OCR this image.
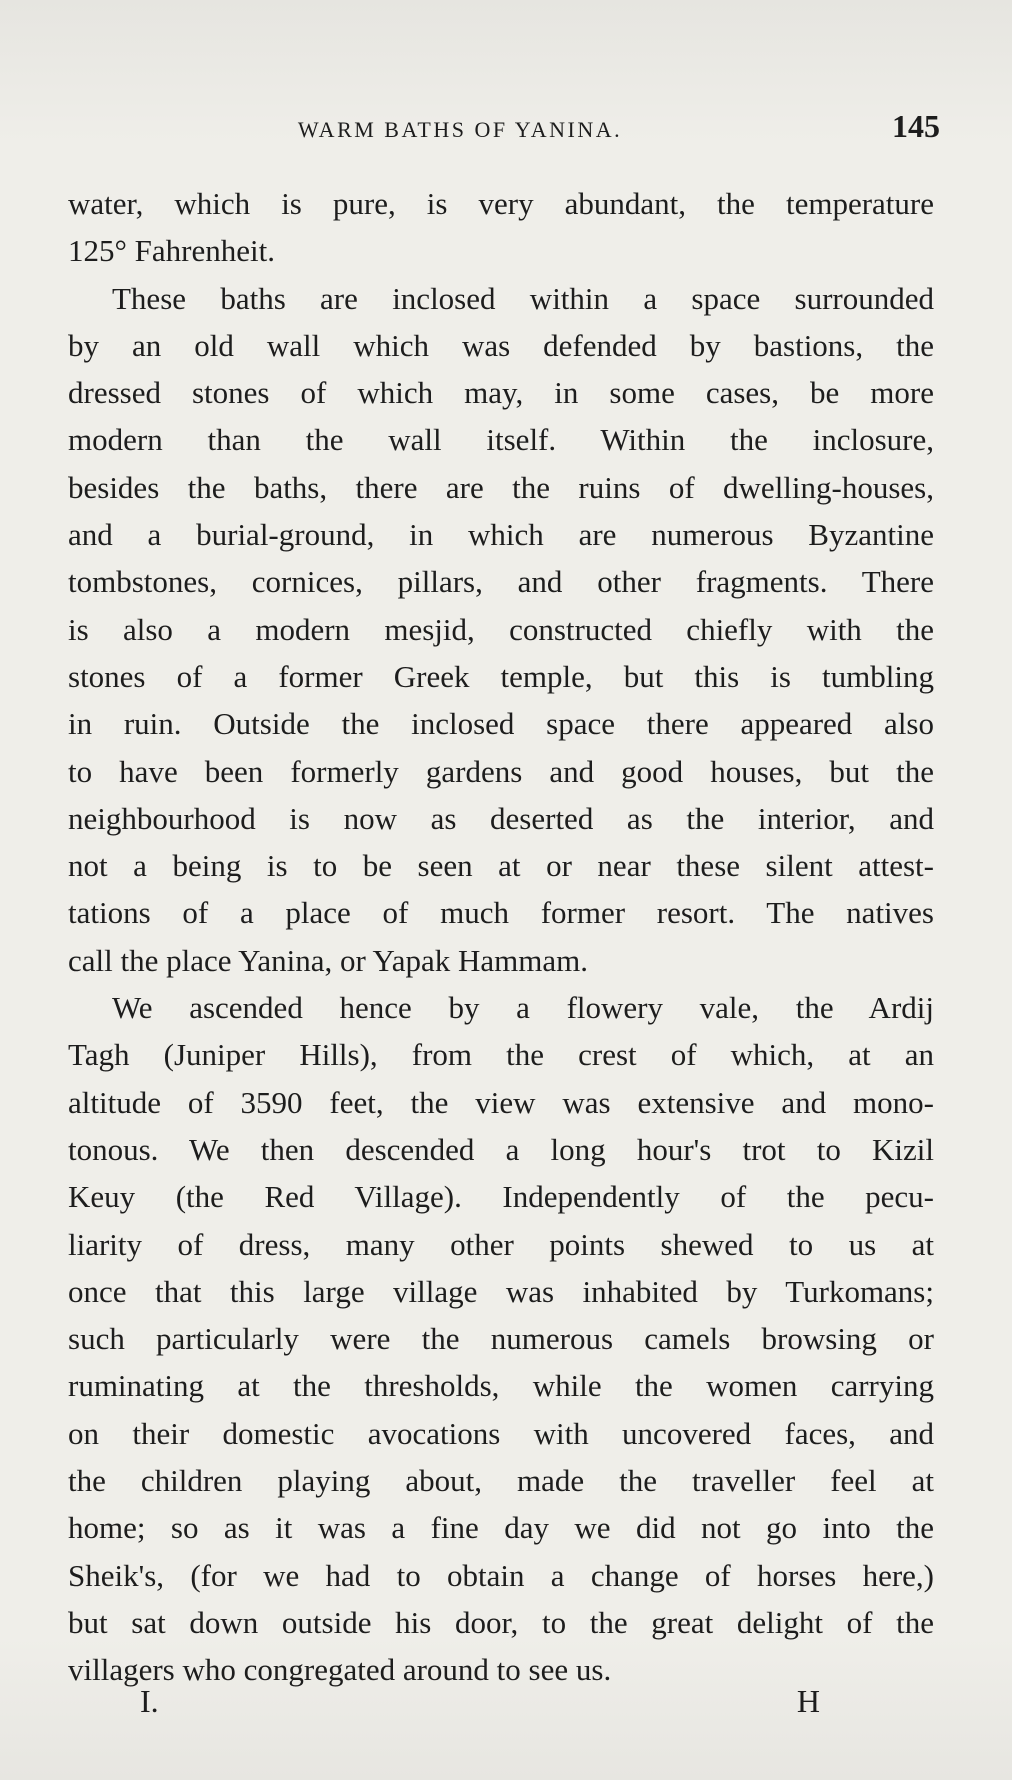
WARM BATHS OF YANINA.	145
water, which is pure, is very abundant, the temperature
125° Fahrenheit.
These baths are inclosed within a space surrounded
by an old wall which was defended by bastions, the
dressed stones of which may, in some cases, be more
modern than the wall itself. Within the inclosure,
besides the baths, there are the ruins of dwelling-houses,
and a burial-ground, in which are numerous Byzantine
tombstones, cornices, pillars, and other fragments. There
is also a modern mesjid, constructed chiefly with the
stones of a former Greek temple, but this is tumbling
in ruin. Outside the inclosed space there appeared also
to have been formerly gardens and good houses, but the
neighbourhood is now as deserted as the interior, and
not a being is to be seen at or near these silent attest-
tations of a place of much former resort. The natives
call the place Yanina, or Yapak Hammam.
We ascended hence by a flowery vale, the Ardij
Tagh (Juniper Hills), from the crest of which, at an
altitude of 3590 feet, the view was extensive and mono-
tonous. We then descended a long hour's trot to Kizil
Keuy (the Red Village). Independently of the pecu-
liarity of dress, many other points shewed to us at
once that this large village was inhabited by Turkomans;
such particularly were the numerous camels browsing or
ruminating at the thresholds, while the women carrying
on their domestic avocations with uncovered faces, and
the children playing about, made the traveller feel at
home; so as it was a fine day we did not go into the
Sheik's, (for we had to obtain a change of horses here,)
but sat down outside his door, to the great delight of the
villagers who congregated around to see us.
I.	H
